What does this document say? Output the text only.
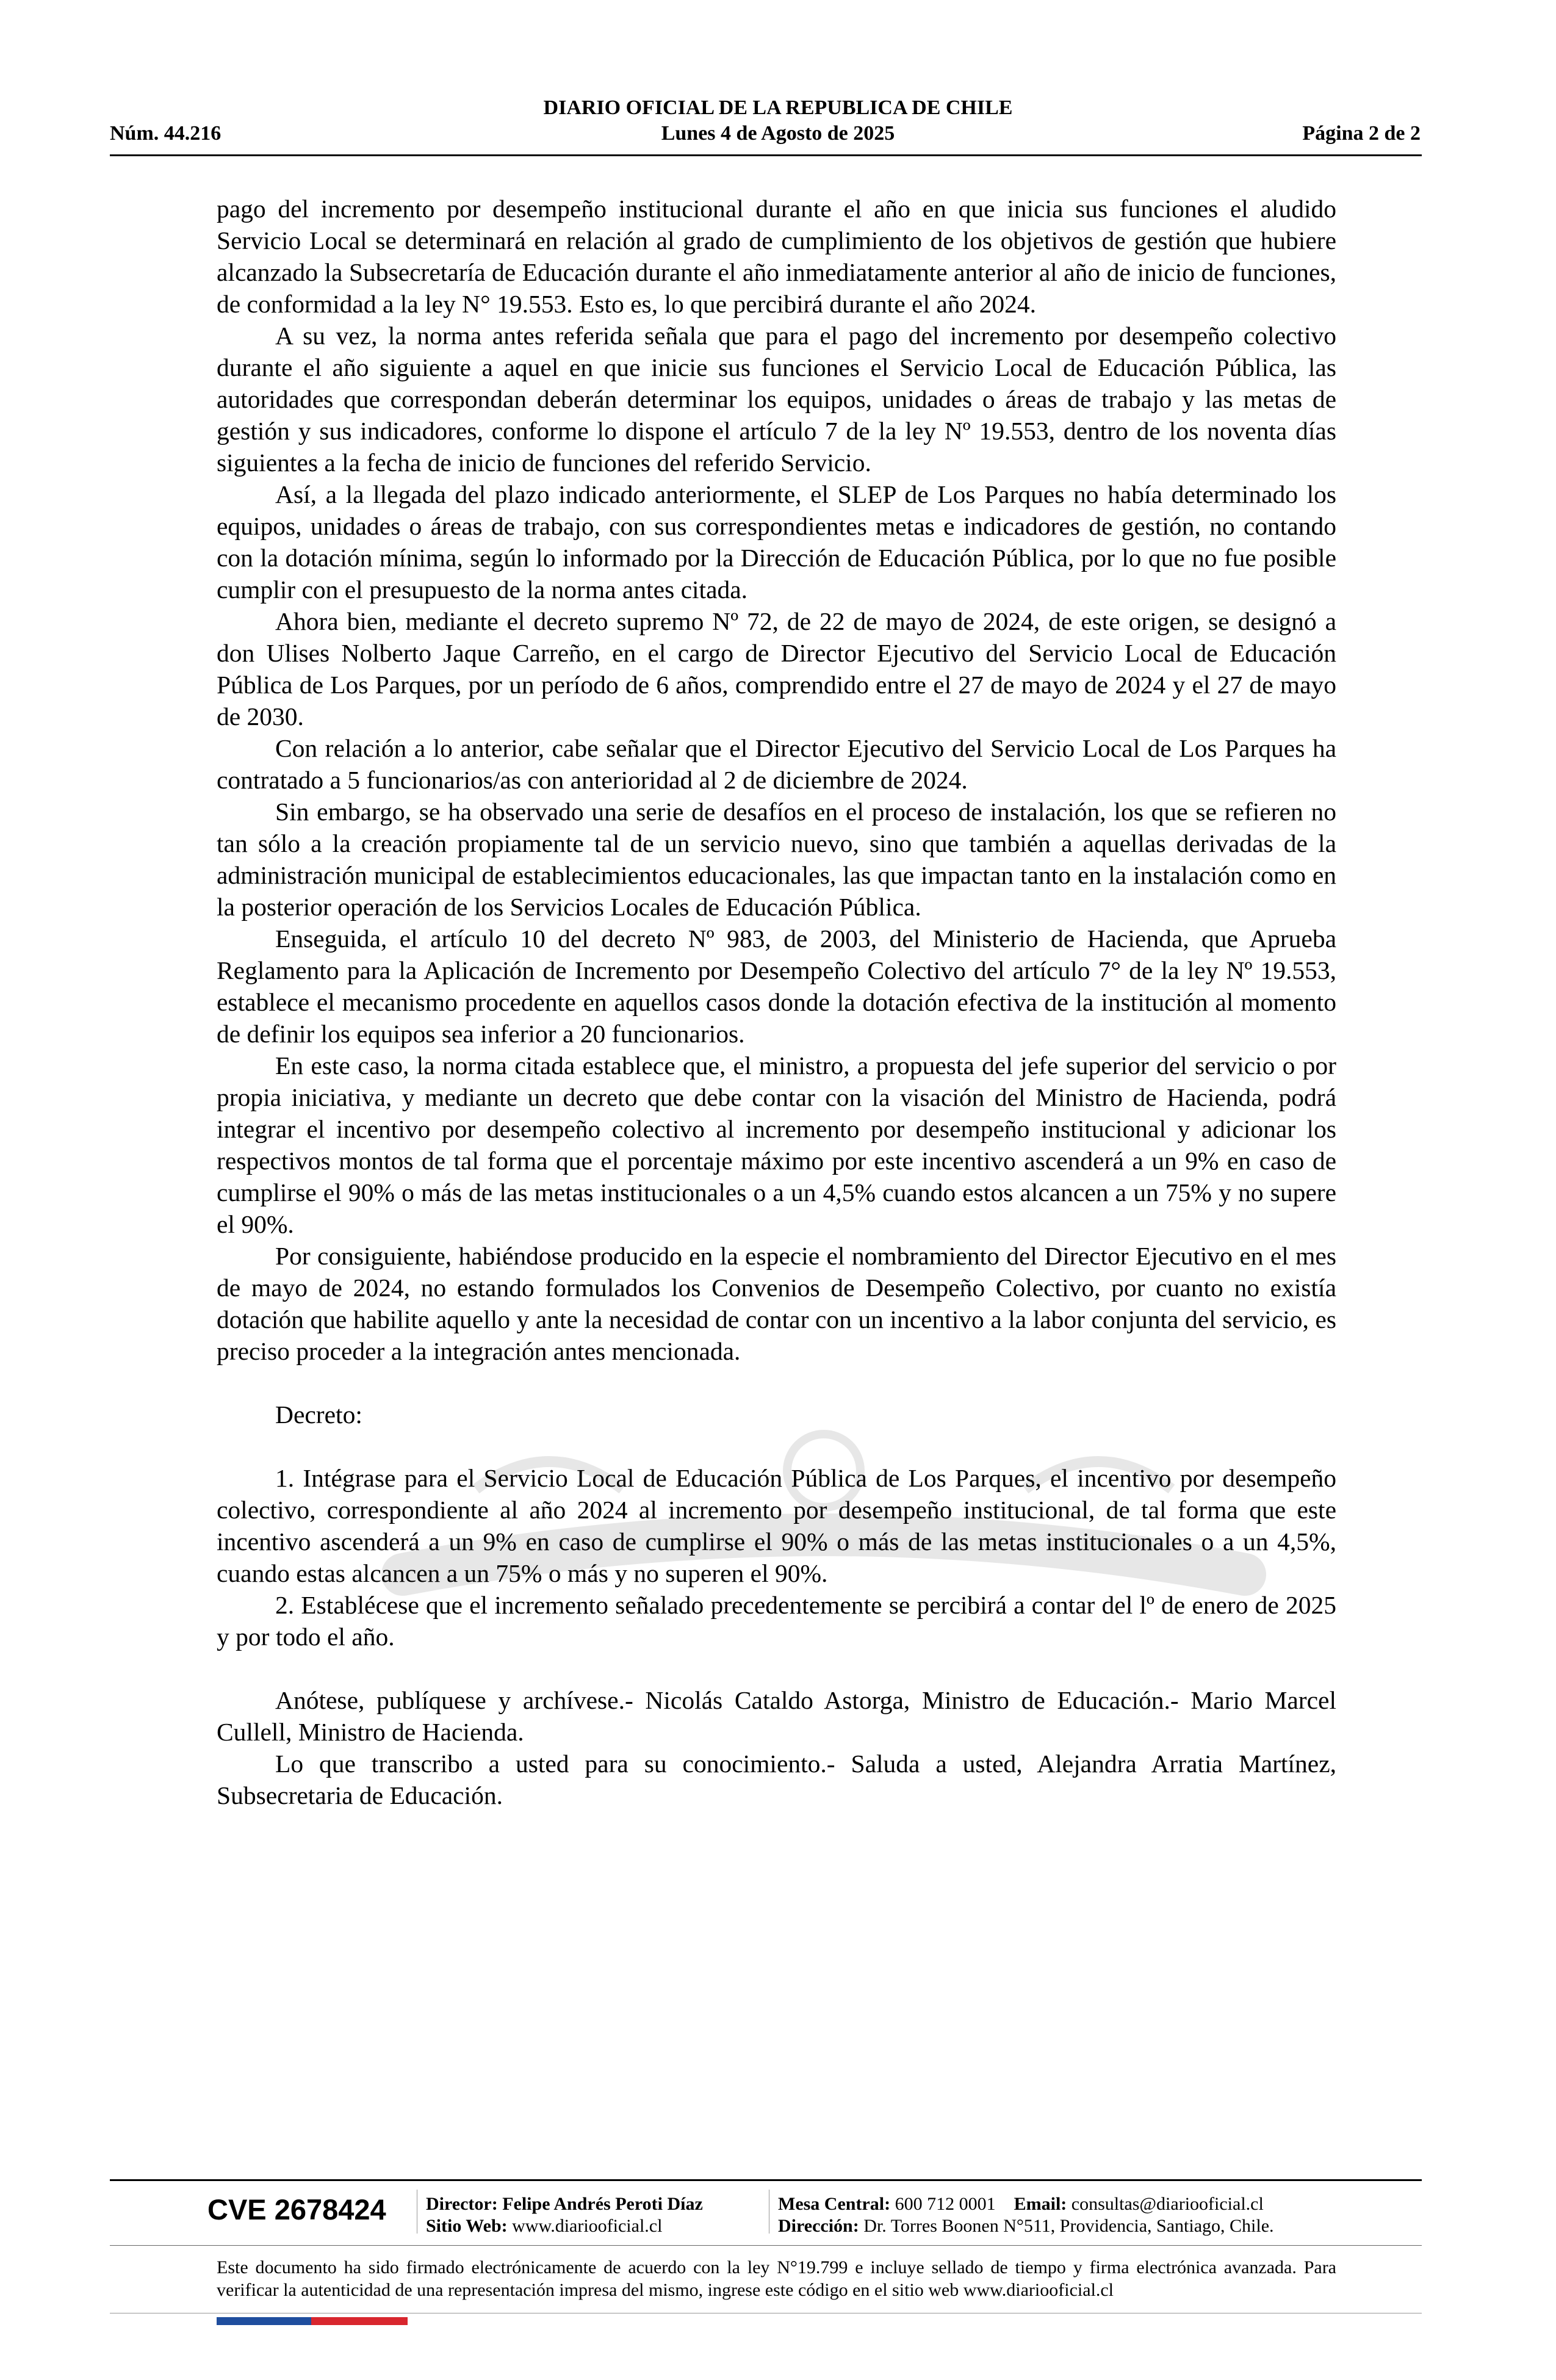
DIARIO OFICIAL DE LA REPUBLICA DE CHILE
Núm. 44.216	Lunes 4 de Agosto de 2025	Página 2 de 2

pago del incremento por desempeño institucional durante el año en que inicia sus funciones el aludido Servicio Local se determinará en relación al grado de cumplimiento de los objetivos de gestión que hubiere alcanzado la Subsecretaría de Educación durante el año inmediatamente anterior al año de inicio de funciones, de conformidad a la ley N° 19.553. Esto es, lo que percibirá durante el año 2024.

A su vez, la norma antes referida señala que para el pago del incremento por desempeño colectivo durante el año siguiente a aquel en que inicie sus funciones el Servicio Local de Educación Pública, las autoridades que correspondan deberán determinar los equipos, unidades o áreas de trabajo y las metas de gestión y sus indicadores, conforme lo dispone el artículo 7 de la ley Nº 19.553, dentro de los noventa días siguientes a la fecha de inicio de funciones del referido Servicio.

Así, a la llegada del plazo indicado anteriormente, el SLEP de Los Parques no había determinado los equipos, unidades o áreas de trabajo, con sus correspondientes metas e indicadores de gestión, no contando con la dotación mínima, según lo informado por la Dirección de Educación Pública, por lo que no fue posible cumplir con el presupuesto de la norma antes citada.

Ahora bien, mediante el decreto supremo Nº 72, de 22 de mayo de 2024, de este origen, se designó a don Ulises Nolberto Jaque Carreño, en el cargo de Director Ejecutivo del Servicio Local de Educación Pública de Los Parques, por un período de 6 años, comprendido entre el 27 de mayo de 2024 y el 27 de mayo de 2030.

Con relación a lo anterior, cabe señalar que el Director Ejecutivo del Servicio Local de Los Parques ha contratado a 5 funcionarios/as con anterioridad al 2 de diciembre de 2024.

Sin embargo, se ha observado una serie de desafíos en el proceso de instalación, los que se refieren no tan sólo a la creación propiamente tal de un servicio nuevo, sino que también a aquellas derivadas de la administración municipal de establecimientos educacionales, las que impactan tanto en la instalación como en la posterior operación de los Servicios Locales de Educación Pública.

Enseguida, el artículo 10 del decreto Nº 983, de 2003, del Ministerio de Hacienda, que Aprueba Reglamento para la Aplicación de Incremento por Desempeño Colectivo del artículo 7° de la ley Nº 19.553, establece el mecanismo procedente en aquellos casos donde la dotación efectiva de la institución al momento de definir los equipos sea inferior a 20 funcionarios.

En este caso, la norma citada establece que, el ministro, a propuesta del jefe superior del servicio o por propia iniciativa, y mediante un decreto que debe contar con la visación del Ministro de Hacienda, podrá integrar el incentivo por desempeño colectivo al incremento por desempeño institucional y adicionar los respectivos montos de tal forma que el porcentaje máximo por este incentivo ascenderá a un 9% en caso de cumplirse el 90% o más de las metas institucionales o a un 4,5% cuando estos alcancen a un 75% y no supere el 90%.

Por consiguiente, habiéndose producido en la especie el nombramiento del Director Ejecutivo en el mes de mayo de 2024, no estando formulados los Convenios de Desempeño Colectivo, por cuanto no existía dotación que habilite aquello y ante la necesidad de contar con un incentivo a la labor conjunta del servicio, es preciso proceder a la integración antes mencionada.

Decreto:

1. Intégrase para el Servicio Local de Educación Pública de Los Parques, el incentivo por desempeño colectivo, correspondiente al año 2024 al incremento por desempeño institucional, de tal forma que este incentivo ascenderá a un 9% en caso de cumplirse el 90% o más de las metas institucionales o a un 4,5%, cuando estas alcancen a un 75% o más y no superen el 90%.

2. Establécese que el incremento señalado precedentemente se percibirá a contar del lº de enero de 2025 y por todo el año.

Anótese, publíquese y archívese.- Nicolás Cataldo Astorga, Ministro de Educación.- Mario Marcel Cullell, Ministro de Hacienda.

Lo que transcribo a usted para su conocimiento.- Saluda a usted, Alejandra Arratia Martínez, Subsecretaria de Educación.

CVE 2678424 Director: Felipe Andrés Peroti Díaz
Sitio Web: www.diariooficial.cl
Mesa Central: 600 712 0001 Email: consultas@diariooficial.cl
Dirección: Dr. Torres Boonen N°511, Providencia, Santiago, Chile.
Este documento ha sido firmado electrónicamente de acuerdo con la ley N°19.799 e incluye sellado de tiempo y firma electrónica avanzada. Para verificar la autenticidad de una representación impresa del mismo, ingrese este código en el sitio web www.diariooficial.cl
